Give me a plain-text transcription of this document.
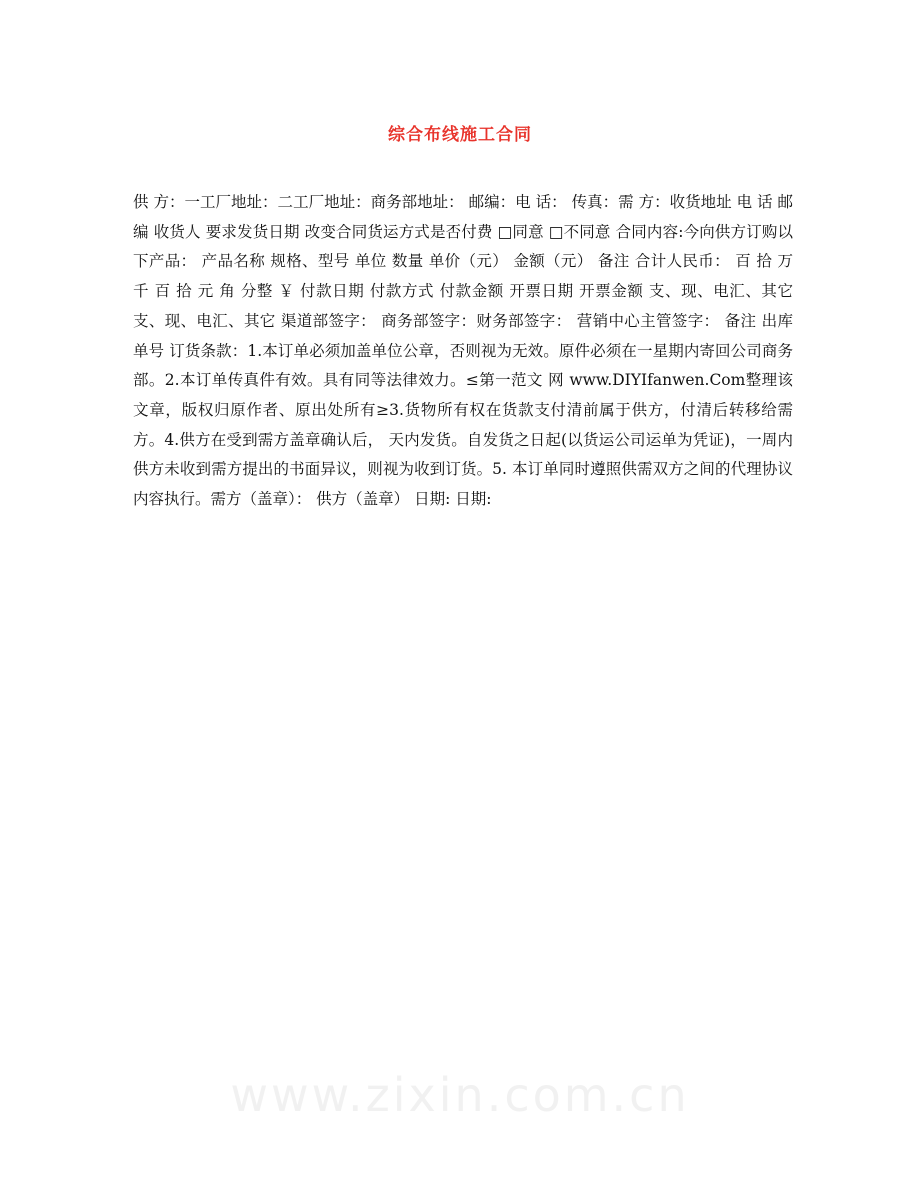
综合布线施工合同
供 方：一工厂地址：二工厂地址：商务部地址： 邮编：电 话： 传真：需 方：收货地址 电 话 邮 编 收货人 要求发货日期 改变合同货运方式是否付费 □同意 □不同意 合同内容:今向供方订购以下产品： 产品名称 规格、型号 单位 数量 单价（元） 金额（元） 备注 合计人民币： 百 拾 万 千 百 拾 元 角 分整 ￥ 付款日期 付款方式 付款金额 开票日期 开票金额 支、现、电汇、其它 支、现、电汇、其它 渠道部签字： 商务部签字：财务部签字： 营销中心主管签字： 备注 出库单号 订货条款：1.本订单必须加盖单位公章，否则视为无效。原件必须在一星期内寄回公司商务部。2.本订单传真件有效。具有同等法律效力。≤第一范文 网 www.DIYIfanwen.Com整理该文章，版权归原作者、原出处所有≥3.货物所有权在货款支付清前属于供方，付清后转移给需方。4.供方在受到需方盖章确认后， 天内发货。自发货之日起(以货运公司运单为凭证)，一周内供方未收到需方提出的书面异议，则视为收到订货。5. 本订单同时遵照供需双方之间的代理协议内容执行。需方（盖章）： 供方（盖章） 日期: 日期:
www.zixin.com.cn
